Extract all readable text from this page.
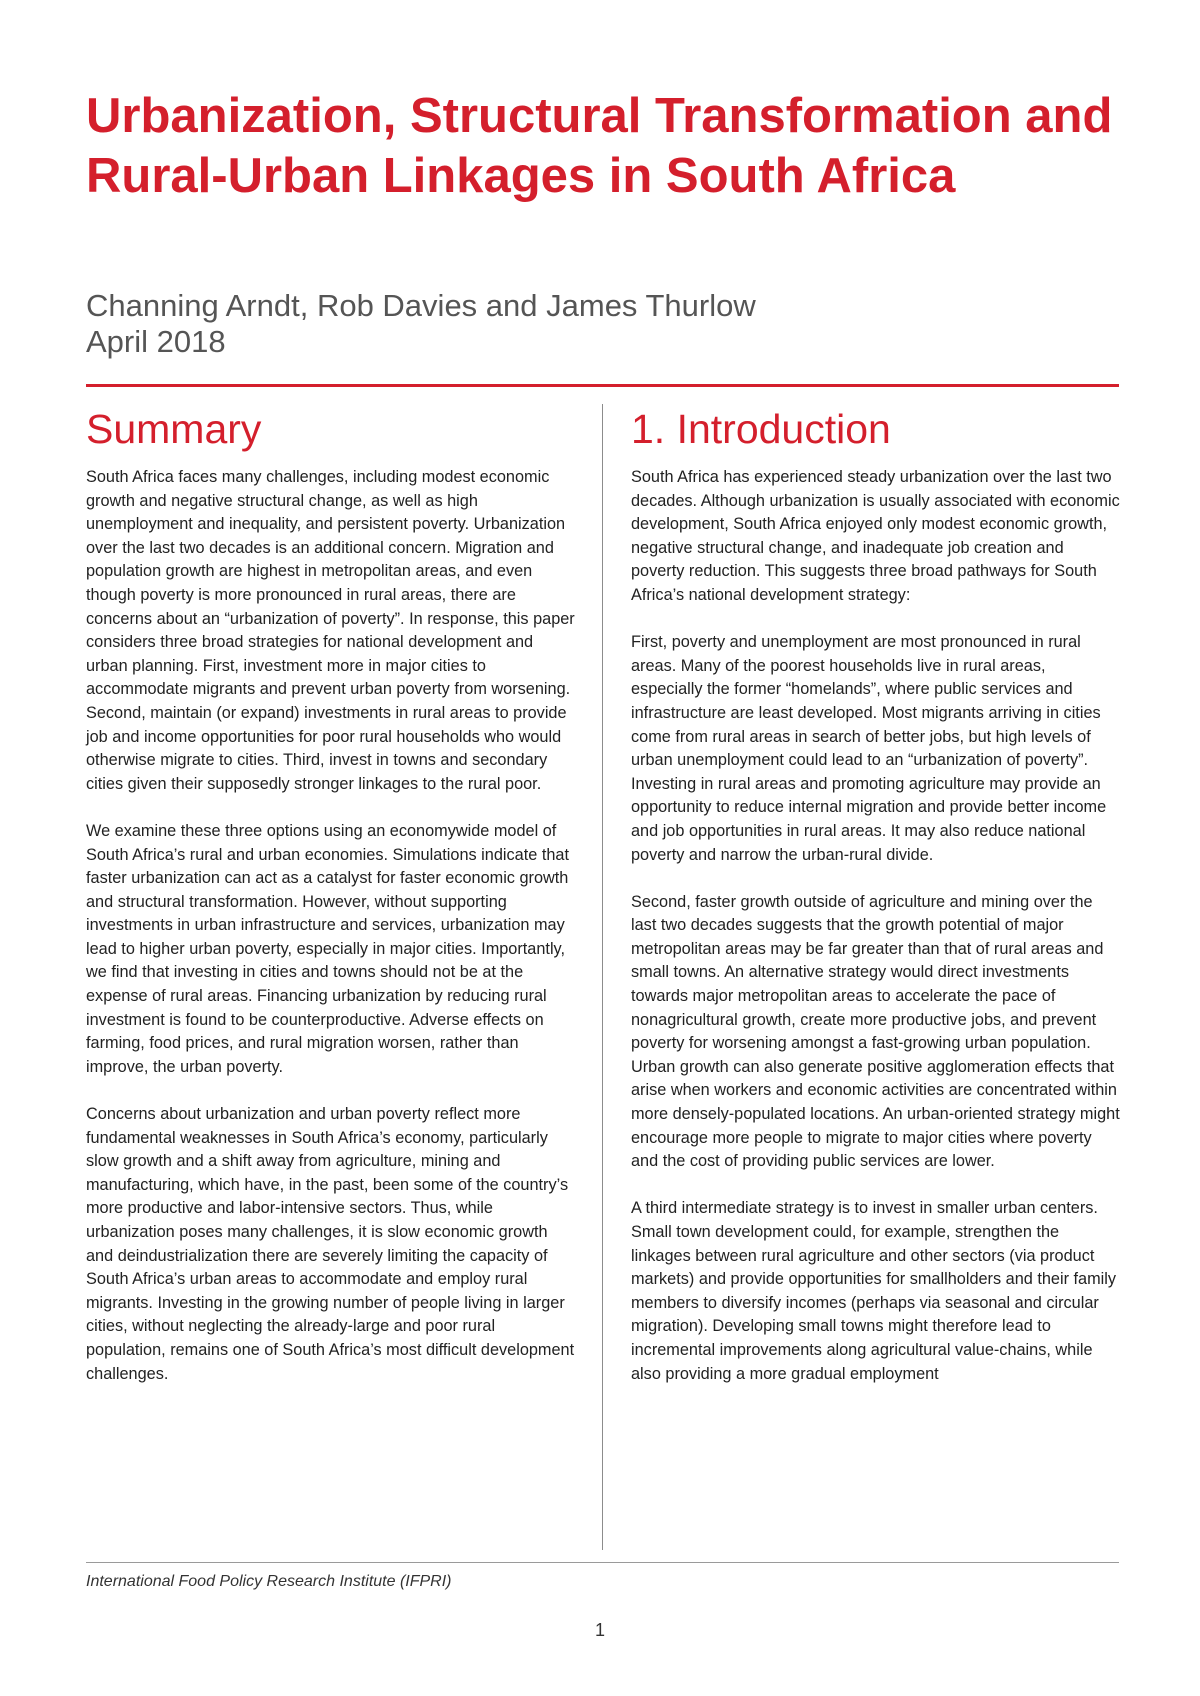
Urbanization, Structural Transformation and Rural-Urban Linkages in South Africa
Channing Arndt, Rob Davies and James Thurlow
April 2018
Summary

South Africa faces many challenges, including modest economic growth and negative structural change, as well as high unemployment and inequality, and persistent poverty. Urbanization over the last two decades is an additional concern. Migration and population growth are highest in metropolitan areas, and even though poverty is more pronounced in rural areas, there are concerns about an “urbanization of poverty”. In response, this paper considers three broad strategies for national development and urban planning. First, investment more in major cities to accommodate migrants and prevent urban poverty from worsening. Second, maintain (or expand) investments in rural areas to provide job and income opportunities for poor rural households who would otherwise migrate to cities. Third, invest in towns and secondary cities given their supposedly stronger linkages to the rural poor.

We examine these three options using an economywide model of South Africa’s rural and urban economies. Simulations indicate that faster urbanization can act as a catalyst for faster economic growth and structural transformation. However, without supporting investments in urban infrastructure and services, urbanization may lead to higher urban poverty, especially in major cities. Importantly, we find that investing in cities and towns should not be at the expense of rural areas. Financing urbanization by reducing rural investment is found to be counterproductive. Adverse effects on farming, food prices, and rural migration worsen, rather than improve, the urban poverty.

Concerns about urbanization and urban poverty reflect more fundamental weaknesses in South Africa’s economy, particularly slow growth and a shift away from agriculture, mining and manufacturing, which have, in the past, been some of the country’s more productive and labor-intensive sectors. Thus, while urbanization poses many challenges, it is slow economic growth and deindustrialization there are severely limiting the capacity of South Africa’s urban areas to accommodate and employ rural migrants. Investing in the growing number of people living in larger cities, without neglecting the already-large and poor rural population, remains one of South Africa’s most difficult development challenges.

1. Introduction

South Africa has experienced steady urbanization over the last two decades. Although urbanization is usually associated with economic development, South Africa enjoyed only modest economic growth, negative structural change, and inadequate job creation and poverty reduction. This suggests three broad pathways for South Africa’s national development strategy:

First, poverty and unemployment are most pronounced in rural areas. Many of the poorest households live in rural areas, especially the former “homelands”, where public services and infrastructure are least developed. Most migrants arriving in cities come from rural areas in search of better jobs, but high levels of urban unemployment could lead to an “urbanization of poverty”. Investing in rural areas and promoting agriculture may provide an opportunity to reduce internal migration and provide better income and job opportunities in rural areas. It may also reduce national poverty and narrow the urban-rural divide.

Second, faster growth outside of agriculture and mining over the last two decades suggests that the growth potential of major metropolitan areas may be far greater than that of rural areas and small towns. An alternative strategy would direct investments towards major metropolitan areas to accelerate the pace of nonagricultural growth, create more productive jobs, and prevent poverty for worsening amongst a fast-growing urban population. Urban growth can also generate positive agglomeration effects that arise when workers and economic activities are concentrated within more densely-populated locations. An urban-oriented strategy might encourage more people to migrate to major cities where poverty and the cost of providing public services are lower.

A third intermediate strategy is to invest in smaller urban centers. Small town development could, for example, strengthen the linkages between rural agriculture and other sectors (via product markets) and provide opportunities for smallholders and their family members to diversify incomes (perhaps via seasonal and circular migration). Developing small towns might therefore lead to incremental improvements along agricultural value-chains, while also providing a more gradual employment

International Food Policy Research Institute (IFPRI)
1
